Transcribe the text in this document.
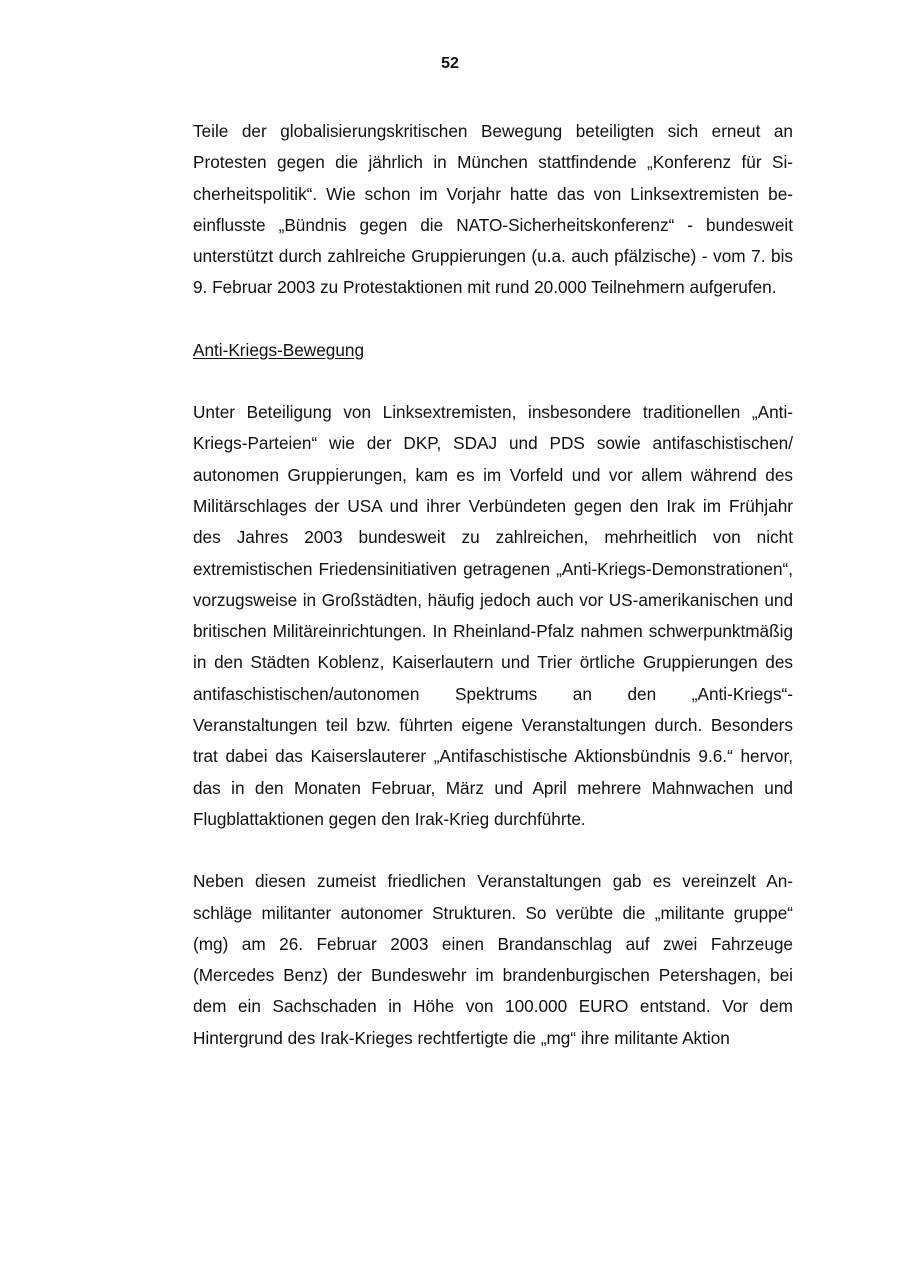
52

Teile der globalisierungskritischen Bewegung beteiligten sich erneut an Protesten gegen die jährlich in München stattfindende „Konferenz für Sicherheitspolitik“. Wie schon im Vorjahr hatte das von Linksextremisten beeinflusste „Bündnis gegen die NATO-Sicherheitskonferenz“ - bundesweit unterstützt durch zahlreiche Gruppierungen (u.a. auch pfälzische) - vom 7. bis 9. Februar 2003 zu Protestaktionen mit rund 20.000 Teilnehmern aufgerufen.

Anti-Kriegs-Bewegung

Unter Beteiligung von Linksextremisten, insbesondere traditionellen „Anti-Kriegs-Parteien“ wie der DKP, SDAJ und PDS sowie antifaschistischen/ autonomen Gruppierungen, kam es im Vorfeld und vor allem während des Militärschlages der USA und ihrer Verbündeten gegen den Irak im Frühjahr des Jahres 2003 bundesweit zu zahlreichen, mehrheitlich von nicht extremistischen Friedensinitiativen getragenen „Anti-Kriegs-Demonstrationen“, vorzugsweise in Großstädten, häufig jedoch auch vor US-amerikanischen und britischen Militäreinrichtungen. In Rheinland-Pfalz nahmen schwerpunktmäßig in den Städten Koblenz, Kaiserlautern und Trier örtliche Gruppierungen des antifaschistischen/autonomen Spektrums an den „Anti-Kriegs“-Veranstaltungen teil bzw. führten eigene Veranstaltungen durch. Besonders trat dabei das Kaiserslauterer „Antifaschistische Aktionsbündnis 9.6.“ hervor, das in den Monaten Februar, März und April mehrere Mahnwachen und Flugblattaktionen gegen den Irak-Krieg durchführte.

Neben diesen zumeist friedlichen Veranstaltungen gab es vereinzelt Anschläge militanter autonomer Strukturen. So verübte die „militante gruppe“ (mg) am 26. Februar 2003 einen Brandanschlag auf zwei Fahrzeuge (Mercedes Benz) der Bundeswehr im brandenburgischen Petershagen, bei dem ein Sachschaden in Höhe von 100.000 EURO entstand. Vor dem Hintergrund des Irak-Krieges rechtfertigte die „mg“ ihre militante Aktion
